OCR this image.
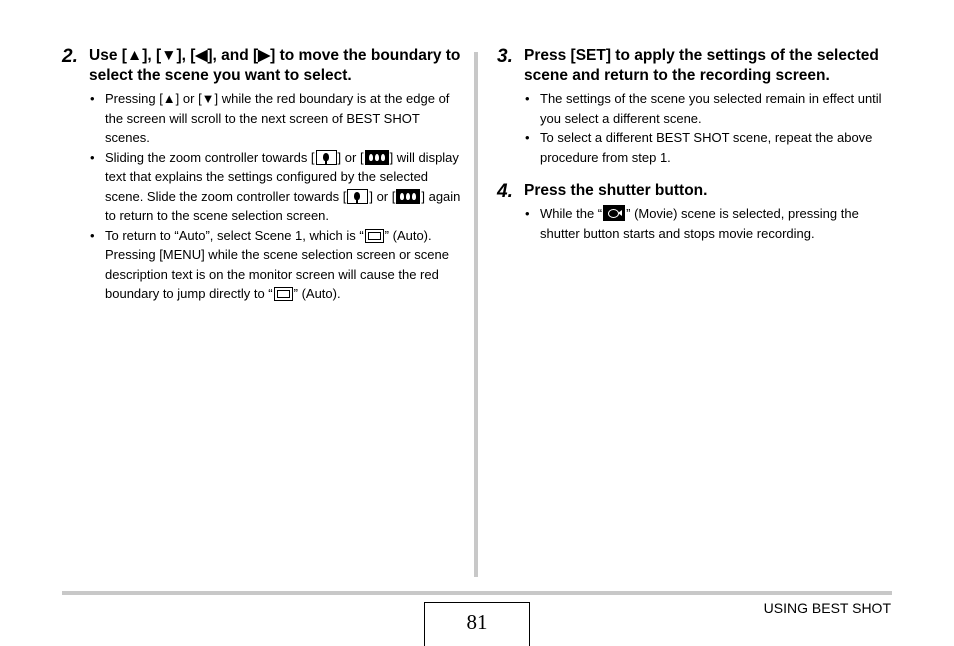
2. Use [▲], [▼], [◀], and [▶] to move the boundary to select the scene you want to select.
• Pressing [▲] or [▼] while the red boundary is at the edge of the screen will scroll to the next screen of BEST SHOT scenes.
• Sliding the zoom controller towards [ ] or [ ] will display text that explains the settings configured by the selected scene. Slide the zoom controller towards [ ] or [ ] again to return to the scene selection screen.
• To return to “Auto”, select Scene 1, which is “ ” (Auto). Pressing [MENU] while the scene selection screen or scene description text is on the monitor screen will cause the red boundary to jump directly to “ ” (Auto).
3. Press [SET] to apply the settings of the selected scene and return to the recording screen.
• The settings of the scene you selected remain in effect until you select a different scene.
• To select a different BEST SHOT scene, repeat the above procedure from step 1.
4. Press the shutter button.
• While the “ ” (Movie) scene is selected, pressing the shutter button starts and stops movie recording.
81
USING BEST SHOT
